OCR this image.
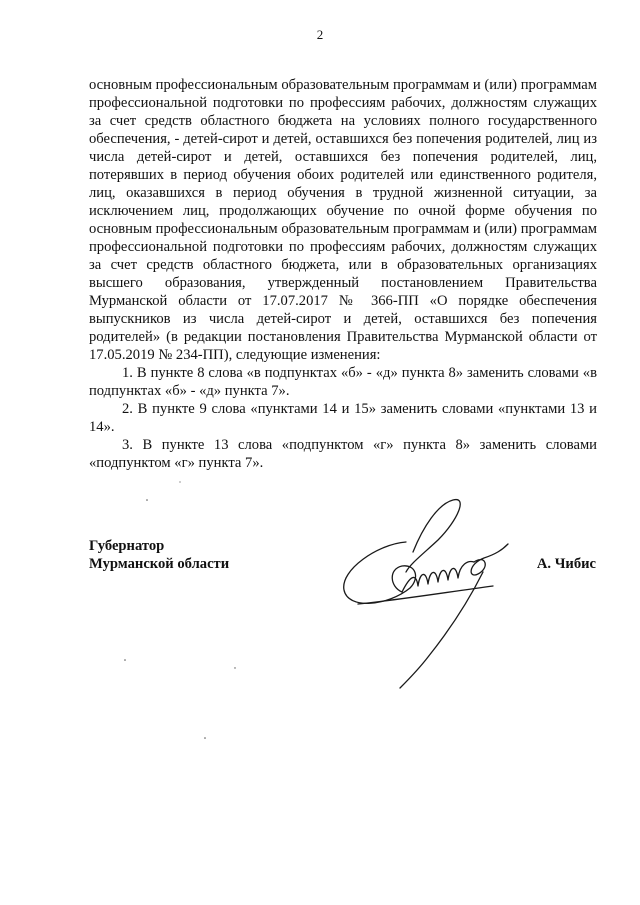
2

основным профессиональным образовательным программам и (или) программам профессиональной подготовки по профессиям рабочих, должностям служащих за счет средств областного бюджета на условиях полного государственного обеспечения, - детей-сирот и детей, оставшихся без попечения родителей, лиц из числа детей-сирот и детей, оставшихся без попечения родителей, лиц, потерявших в период обучения обоих родителей или единственного родителя, лиц, оказавшихся в период обучения в трудной жизненной ситуации, за исключением лиц, продолжающих обучение по очной форме обучения по основным профессиональным образовательным программам и (или) программам профессиональной подготовки по профессиям рабочих, должностям служащих за счет средств областного бюджета, или в образовательных организациях высшего образования, утвержденный постановлением Правительства Мурманской области от 17.07.2017 № 366-ПП «О порядке обеспечения выпускников из числа детей-сирот и детей, оставшихся без попечения родителей» (в редакции постановления Правительства Мурманской области от 17.05.2019 № 234-ПП), следующие изменения:

1. В пункте 8 слова «в подпунктах «б» - «д» пункта 8» заменить словами «в подпунктах «б» - «д» пункта 7».

2. В пункте 9 слова «пунктами 14 и 15» заменить словами «пунктами 13 и 14».

3. В пункте 13 слова «подпунктом «г» пункта 8» заменить словами «подпунктом «г» пункта 7».

Губернатор
Мурманской области	А. Чибис
